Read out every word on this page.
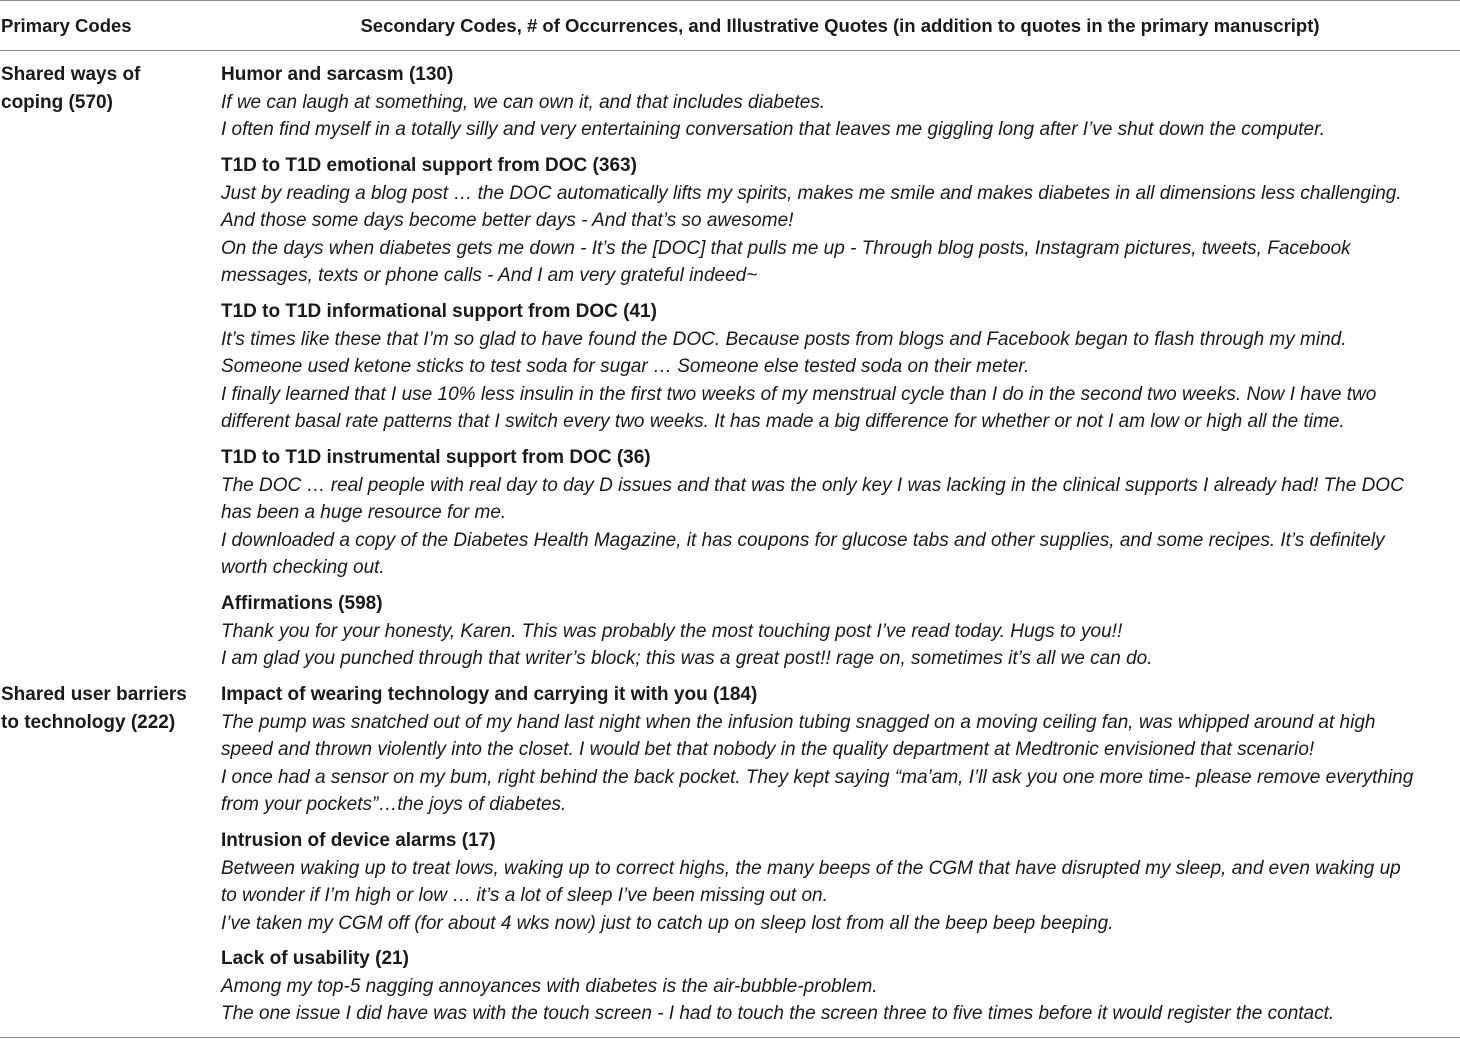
Primary Codes	Secondary Codes, # of Occurrences, and Illustrative Quotes (in addition to quotes in the primary manuscript)
Shared ways of
coping (570)
Shared user barriers
to technology (222)
Humor and sarcasm (130)
If we can laugh at something, we can own it, and that includes diabetes.
I often find myself in a totally silly and very entertaining conversation that leaves me giggling long after I’ve shut down the computer.
T1D to T1D emotional support from DOC (363)
Just by reading a blog post … the DOC automatically lifts my spirits, makes me smile and makes diabetes in all dimensions less challenging.
And those some days become better days - And that’s so awesome!
On the days when diabetes gets me down - It’s the [DOC] that pulls me up - Through blog posts, Instagram pictures, tweets, Facebook
messages, texts or phone calls - And I am very grateful indeed~
T1D to T1D informational support from DOC (41)
It’s times like these that I’m so glad to have found the DOC. Because posts from blogs and Facebook began to flash through my mind.
Someone used ketone sticks to test soda for sugar … Someone else tested soda on their meter.
I finally learned that I use 10% less insulin in the first two weeks of my menstrual cycle than I do in the second two weeks. Now I have two
different basal rate patterns that I switch every two weeks. It has made a big difference for whether or not I am low or high all the time.
T1D to T1D instrumental support from DOC (36)
The DOC … real people with real day to day D issues and that was the only key I was lacking in the clinical supports I already had! The DOC
has been a huge resource for me.
I downloaded a copy of the Diabetes Health Magazine, it has coupons for glucose tabs and other supplies, and some recipes. It’s definitely
worth checking out.
Affirmations (598)
Thank you for your honesty, Karen. This was probably the most touching post I’ve read today. Hugs to you!!
I am glad you punched through that writer’s block; this was a great post!! rage on, sometimes it’s all we can do.
Impact of wearing technology and carrying it with you (184)
The pump was snatched out of my hand last night when the infusion tubing snagged on a moving ceiling fan, was whipped around at high
speed and thrown violently into the closet. I would bet that nobody in the quality department at Medtronic envisioned that scenario!
I once had a sensor on my bum, right behind the back pocket. They kept saying “ma’am, I’ll ask you one more time- please remove everything
from your pockets”…the joys of diabetes.
Intrusion of device alarms (17)
Between waking up to treat lows, waking up to correct highs, the many beeps of the CGM that have disrupted my sleep, and even waking up
to wonder if I’m high or low … it’s a lot of sleep I’ve been missing out on.
I’ve taken my CGM off (for about 4 wks now) just to catch up on sleep lost from all the beep beep beeping.
Lack of usability (21)
Among my top-5 nagging annoyances with diabetes is the air-bubble-problem.
The one issue I did have was with the touch screen - I had to touch the screen three to five times before it would register the contact.
